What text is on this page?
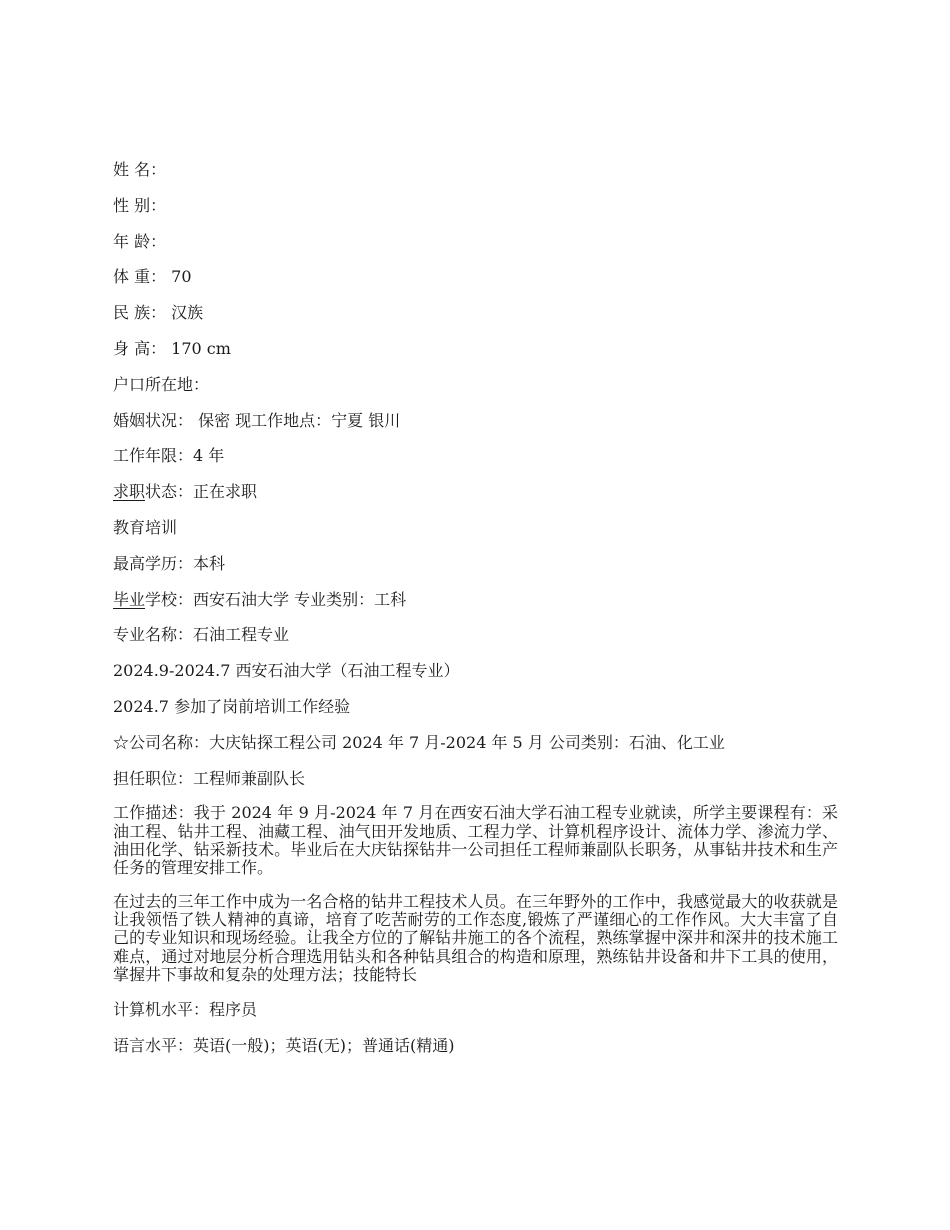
姓 名：
性 别：
年 龄：
体 重： 70
民 族： 汉族
身 高： 170 cm
户口所在地：
婚姻状况： 保密 现工作地点：宁夏 银川
工作年限：4 年
求职状态：正在求职
教育培训
最高学历：本科
毕业学校：西安石油大学 专业类别：工科
专业名称：石油工程专业
2024.9-2024.7 西安石油大学（石油工程专业）
2024.7 参加了岗前培训工作经验
☆公司名称：大庆钻探工程公司 2024 年 7 月-2024 年 5 月 公司类别：石油、化工业
担任职位：工程师兼副队长
工作描述：我于 2024 年 9 月-2024 年 7 月在西安石油大学石油工程专业就读，所学主要课程有：采油工程、钻井工程、油藏工程、油气田开发地质、工程力学、计算机程序设计、流体力学、渗流力学、油田化学、钻采新技术。毕业后在大庆钻探钻井一公司担任工程师兼副队长职务，从事钻井技术和生产任务的管理安排工作。
在过去的三年工作中成为一名合格的钻井工程技术人员。在三年野外的工作中，我感觉最大的收获就是让我领悟了铁人精神的真谛，培育了吃苦耐劳的工作态度,锻炼了严谨细心的工作作风。大大丰富了自己的专业知识和现场经验。让我全方位的了解钻井施工的各个流程，熟练掌握中深井和深井的技术施工难点，通过对地层分析合理选用钻头和各种钻具组合的构造和原理，熟练钻井设备和井下工具的使用，掌握井下事故和复杂的处理方法；技能特长
计算机水平：程序员
语言水平：英语(一般)；英语(无)；普通话(精通)
